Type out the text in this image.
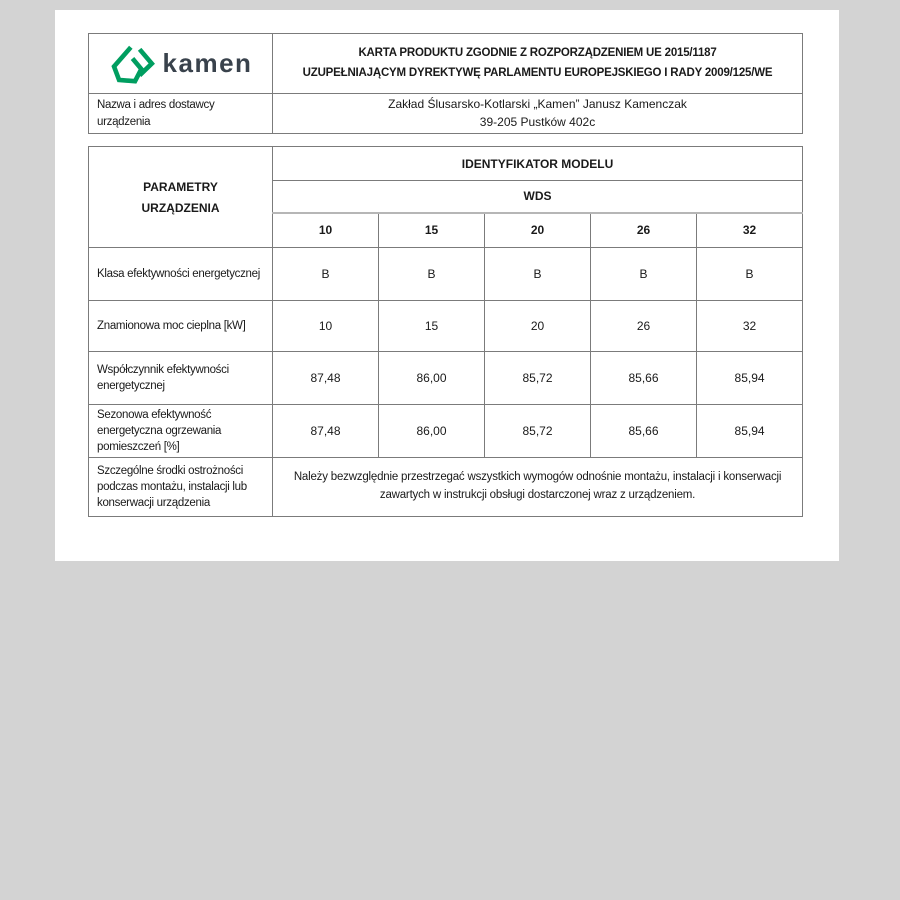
kamen	KARTA PRODUKTU ZGODNIE Z ROZPORZĄDZENIEM UE 2015/1187
UZUPEŁNIAJĄCYM DYREKTYWĘ PARLAMENTU EUROPEJSKIEGO I RADY 2009/125/WE

Nazwa i adres dostawcy urządzenia	Zakład Ślusarsko-Kotlarski „Kamen” Janusz Kamenczak
39-205 Pustków 402c
PARAMETRY
URZĄDZENIA	IDENTYFIKATOR MODELU				
	WDS				
	10	15	20	26	32
Klasa efektywności energetycznej	B	B	B	B	B
Znamionowa moc cieplna [kW]	10	15	20	26	32
Współczynnik efektywności energetycznej	87,48	86,00	85,72	85,66	85,94
Sezonowa efektywność energetyczna ogrzewania pomieszczeń [%]	87,48	86,00	85,72	85,66	85,94
Szczególne środki ostrożności podczas montażu, instalacji lub konserwacji urządzenia	Należy bezwzględnie przestrzegać wszystkich wymogów odnośnie montażu, instalacji i konserwacji zawartych w instrukcji obsługi dostarczonej wraz z urządzeniem.				
